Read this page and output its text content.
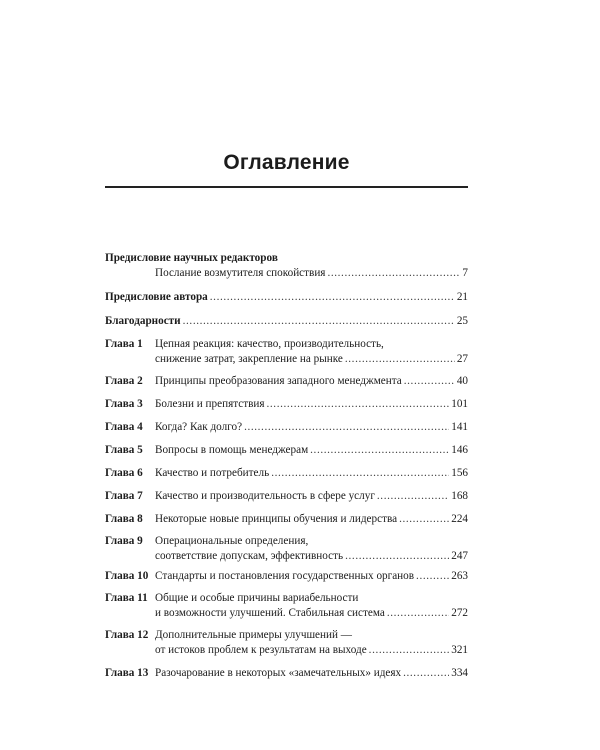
Оглавление
Предисловие научных редакторов
Послание возмутителя спокойствия .....	7
Предисловие автора .....	21
Благодарности .....	25
Глава 1 Цепная реакция: качество, производительность,
снижение затрат, закрепление на рынке .....	27
Глава 2 Принципы преобразования западного менеджмента .....	40
Глава 3 Болезни и препятствия .....	101
Глава 4 Когда? Как долго? .....	141
Глава 5 Вопросы в помощь менеджерам .....	146
Глава 6 Качество и потребитель .....	156
Глава 7 Качество и производительность в сфере услуг .....	168
Глава 8 Некоторые новые принципы обучения и лидерства .....	224
Глава 9 Операциональные определения,
соответствие допускам, эффективность .....	247
Глава 10 Стандарты и постановления государственных органов .....	263
Глава 11 Общие и особые причины вариабельности
и возможности улучшений. Стабильная система .....	272
Глава 12 Дополнительные примеры улучшений —
от истоков проблем к результатам на выходе .....	321
Глава 13 Разочарование в некоторых «замечательных» идеях .....	334
